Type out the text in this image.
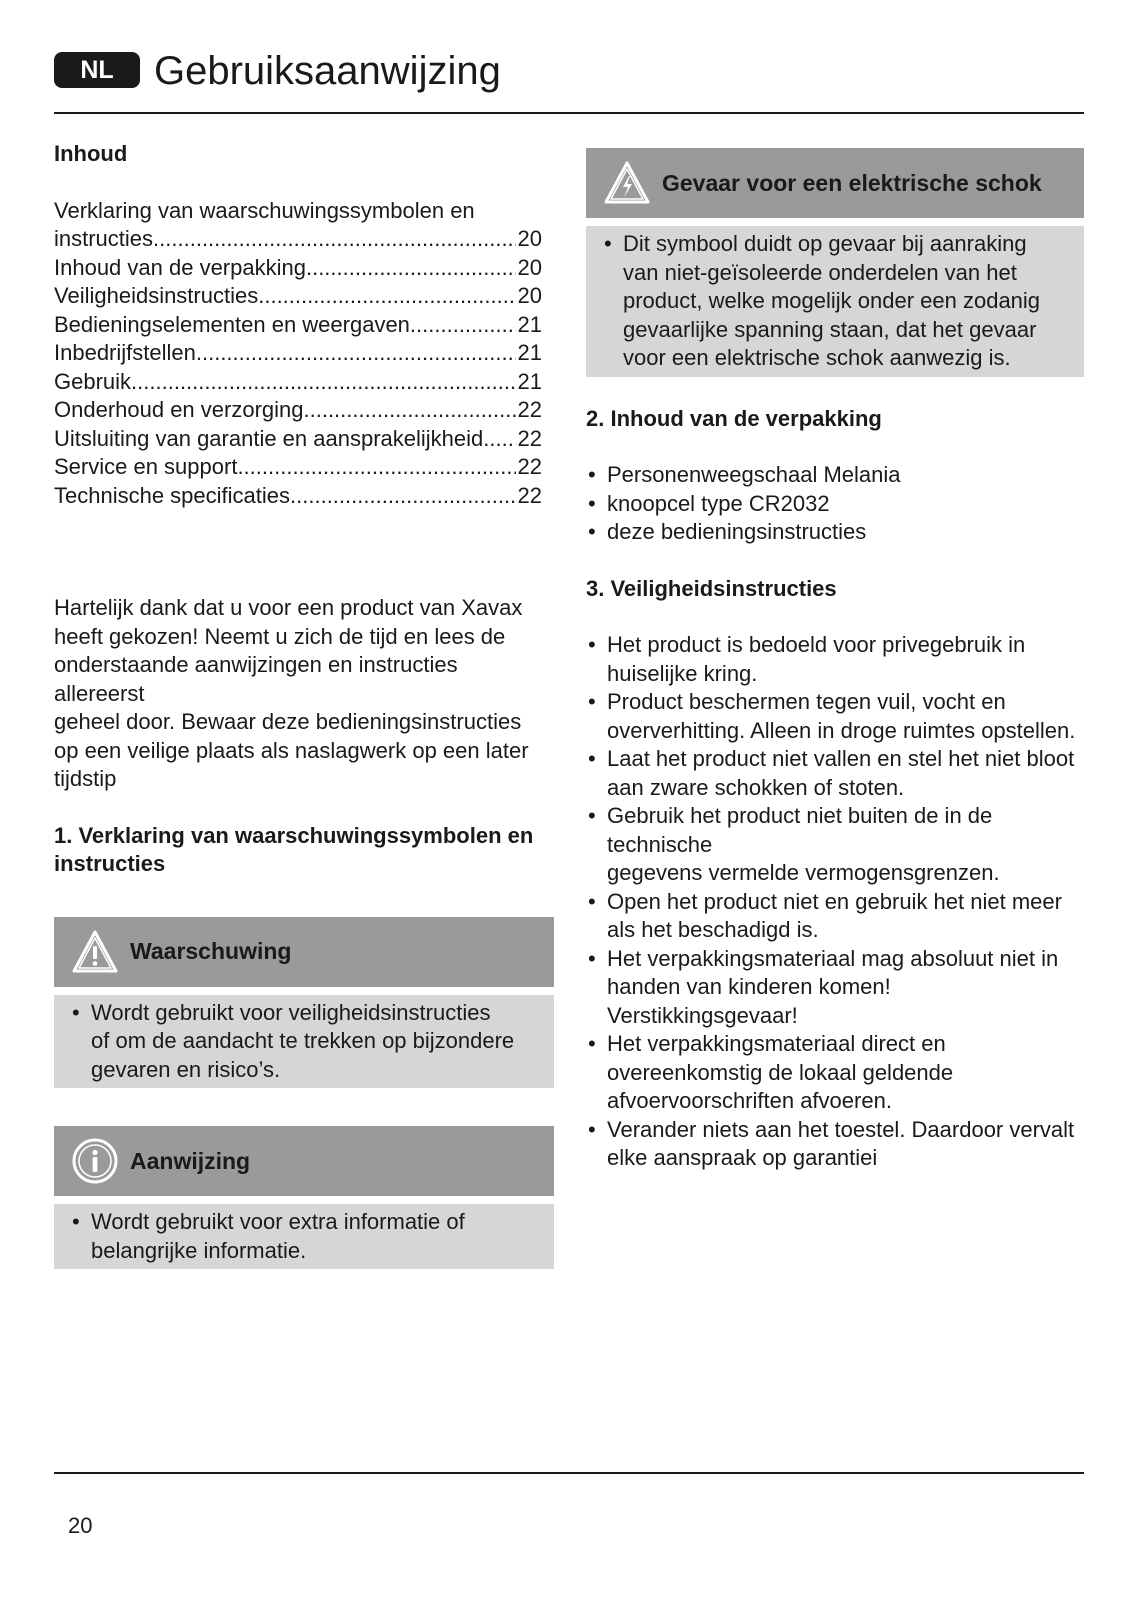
NL	Gebruiksaanwijzing
Inhoud
Verklaring van waarschuwingssymbolen en
instructies .....	20
Inhoud van de verpakking .....	20
Veiligheidsinstructies .....	20
Bedieningselementen en weergaven .....	21
Inbedrijfstellen .....	21
Gebruik .....	21
Onderhoud en verzorging .....	22
Uitsluiting van garantie en aansprakelijkheid ..... 22
Service en support .....	22
Technische specificaties .....	22
Hartelijk dank dat u voor een product van Xavax
heeft gekozen! Neemt u zich de tijd en lees de
onderstaande aanwijzingen en instructies allereerst
geheel door. Bewaar deze bedieningsinstructies
op een veilige plaats als naslagwerk op een later
tijdstip
1. Verklaring van waarschuwingssymbolen en
instructies
Waarschuwing
• Wordt gebruikt voor veiligheidsinstructies
of om de aandacht te trekken op bijzondere
gevaren en risico’s.
Aanwijzing
• Wordt gebruikt voor extra informatie of
belangrijke informatie.
Gevaar voor een elektrische schok
• Dit symbool duidt op gevaar bij aanraking
van niet-geïsoleerde onderdelen van het
product, welke mogelijk onder een zodanig
gevaarlijke spanning staan, dat het gevaar
voor een elektrische schok aanwezig is.
2. Inhoud van de verpakking
• Personenweegschaal Melania
• knoopcel type CR2032
• deze bedieningsinstructies
3. Veiligheidsinstructies
• Het product is bedoeld voor privegebruik in
huiselijke kring.
• Product beschermen tegen vuil, vocht en
oververhitting. Alleen in droge ruimtes opstellen.
• Laat het product niet vallen en stel het niet bloot
aan zware schokken of stoten.
• Gebruik het product niet buiten de in de technische
gegevens vermelde vermogensgrenzen.
• Open het product niet en gebruik het niet meer
als het beschadigd is.
• Het verpakkingsmateriaal mag absoluut niet in
handen van kinderen komen! Verstikkingsgevaar!
• Het verpakkingsmateriaal direct en
overeenkomstig de lokaal geldende
afvoervoorschriften afvoeren.
• Verander niets aan het toestel. Daardoor vervalt
elke aanspraak op garantiei
20
